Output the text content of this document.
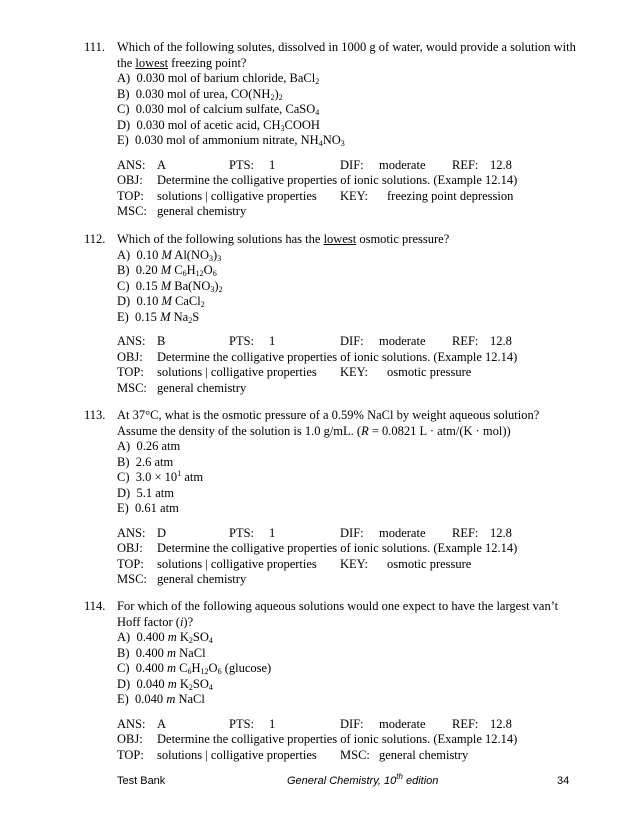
111. Which of the following solutes, dissolved in 1000 g of water, would provide a solution with
the lowest freezing point?
A)  0.030 mol of barium chloride, BaCl$_2$
B)  0.030 mol of urea, $CO(NH_2)_2$
C)  0.030 mol of calcium sulfate, CaSO$_4$
D)  0.030 mol of acetic acid, $CH_3COOH$
E)  0.030 mol of ammonium nitrate, $NH_4NO_3$
ANS: A	PTS: 1	DIF: moderate REF: 12.8
OBJ: Determine the colligative properties of ionic solutions. (Example 12.14)
TOP: solutions | colligative properties KEY: freezing point depression
MSC: general chemistry
112. Which of the following solutions has the lowest osmotic pressure?
A)  0.10 M $Al(NO_3)_3$
B)  0.20 M $C_6H_{12}O_6$
C)  0.15 M $Ba(NO_3)_2$
D)  0.10 M CaCl$_2$
E)  0.15 M $Na_2S$
ANS: B	PTS: 1	DIF: moderate REF: 12.8
OBJ: Determine the colligative properties of ionic solutions. (Example 12.14)
TOP: solutions | colligative properties KEY: osmotic pressure
MSC: general chemistry
113. At 37°C, what is the osmotic pressure of a 0.59% NaCl by weight aqueous solution?
Assume the density of the solution is 1.0 g/mL. (R = 0.0821 L · atm/(K · mol))
A)  0.26 atm
B)  2.6 atm
C)  $3.0 \times 10^1$ atm
D)  5.1 atm
E)  0.61 atm
ANS: D	PTS: 1	DIF: moderate REF: 12.8
OBJ: Determine the colligative properties of ionic solutions. (Example 12.14)
TOP: solutions | colligative properties KEY: osmotic pressure
MSC: general chemistry
114. For which of the following aqueous solutions would one expect to have the largest van’t
Hoff factor (i)?
A)  0.400 m $K_2SO_4$
B)  0.400 m NaCl
C)  0.400 m $C_6H_{12}O_6$ (glucose)
D)  0.040 m $K_2SO_4$
E)  0.040 m NaCl
ANS: A	PTS: 1	DIF: moderate REF: 12.8
OBJ: Determine the colligative properties of ionic solutions. (Example 12.14)
TOP: solutions | colligative properties MSC: general chemistry
Test Bank	General Chemistry, 10th edition	34
